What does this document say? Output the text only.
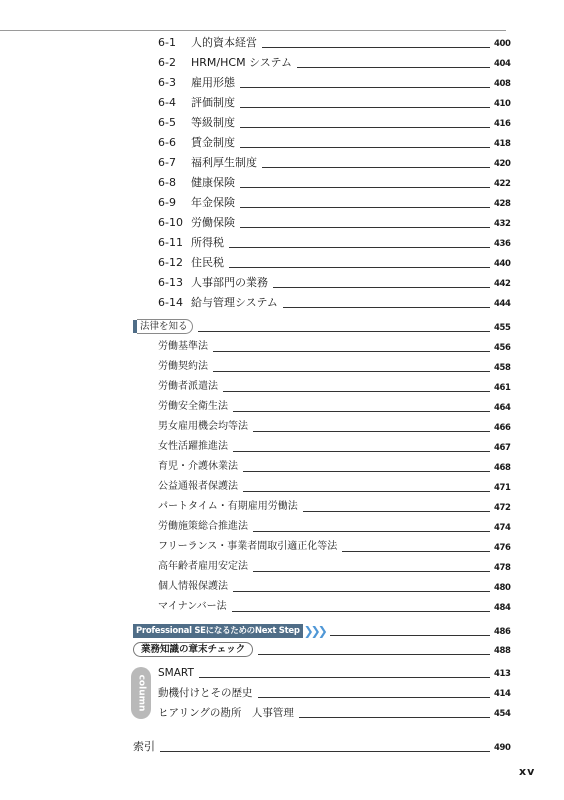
6-1 人的資本経営	400
6-2 HRM/HCM システム	404
6-3 雇用形態	408
6-4 評価制度	410
6-5 等級制度	416
6-6 賃金制度	418
6-7 福利厚生制度	420
6-8 健康保険	422
6-9 年金保険	428
6-10 労働保険	432
6-11 所得税	436
6-12 住民税	440
6-13 人事部門の業務	442
6-14 給与管理システム	444
法律を知る	455
労働基準法	456
労働契約法	458
労働者派遣法	461
労働安全衛生法	464
男女雇用機会均等法	466
女性活躍推進法	467
育児・介護休業法	468
公益通報者保護法	471
パートタイム・有期雇用労働法	472
労働施策総合推進法	474
フリーランス・事業者間取引適正化等法	476
高年齢者雇用安定法	478
個人情報保護法	480
マイナンバー法	484
Professional SEになるためのNext Step ❯❯❯	486
業務知識の章末チェック	488
column
SMART	413
動機付けとその歴史	414
ヒアリングの勘所　人事管理	454
索引	490
xv
